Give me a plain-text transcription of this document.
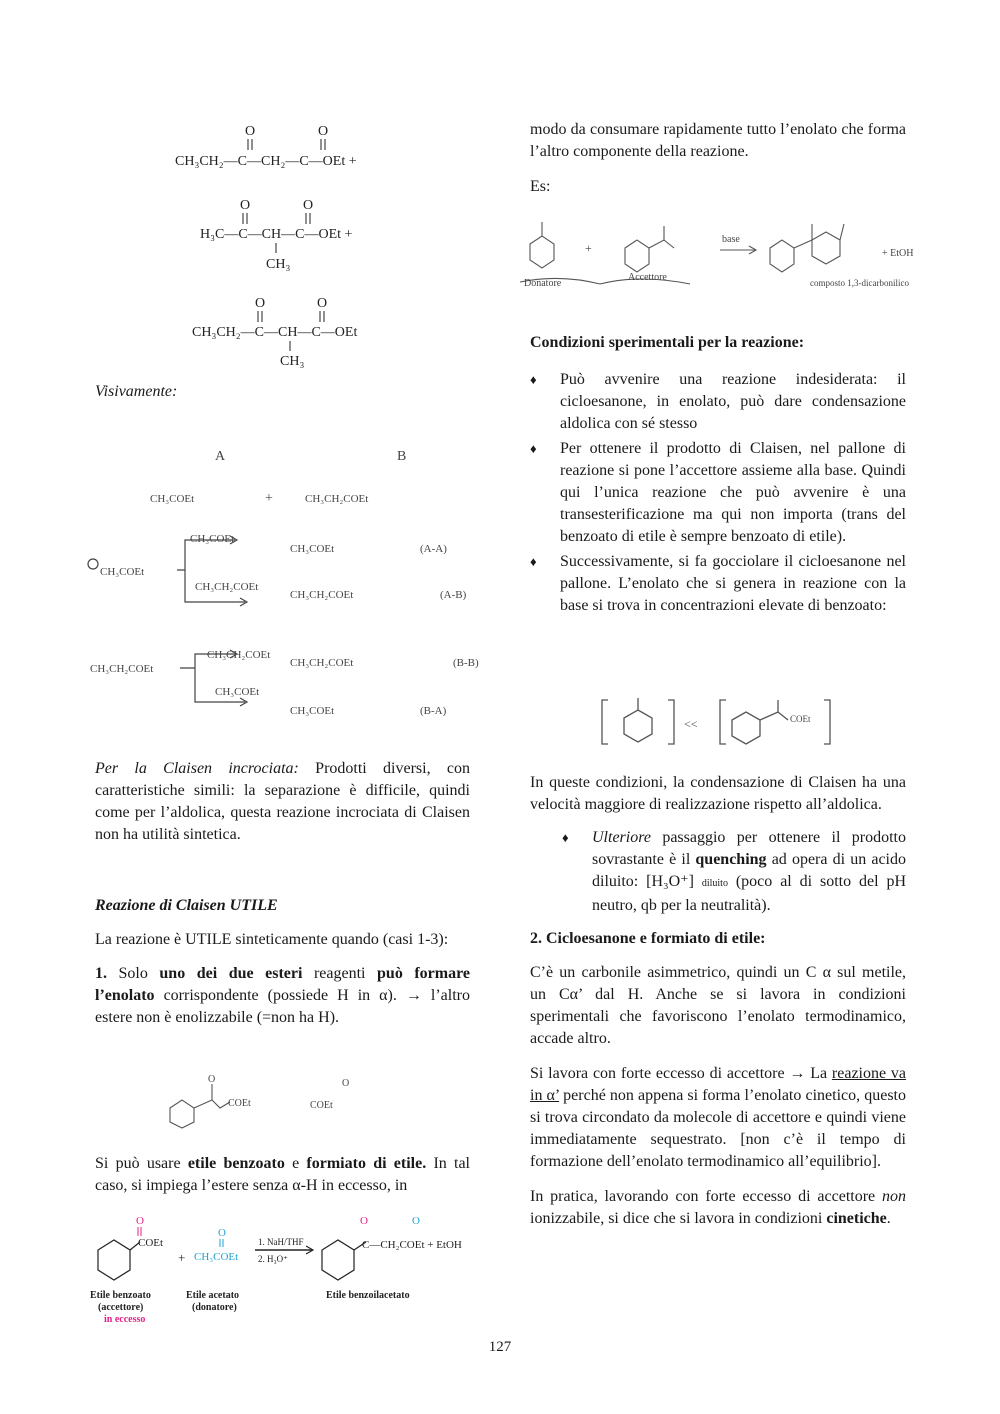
O	O
CH₃CH₂—C—CH₂—C—OEt +
O	O
H₃C—C—CH—C—OEt +
CH₃
O	O
CH₃CH₂—C—CH—C—OEt
CH₃

Visivamente:

A	B
CH₃COEt	+	CH₃CH₂COEt
CH₃COEt
CH₃COEt
CH₃CH₂COEt
CH₃COEt	(A-A)
CH₃CH₂COEt	(A-B)
CH₃CH₂COEt
CH₃CH₂COEt
CH₃COEt
CH₃CH₂COEt	(B-B)
CH₃COEt	(B-A)

Per la Claisen incrociata: Prodotti diversi, con caratteristiche simili: la separazione è difficile, quindi come per l’aldolica, questa reazione incrociata di Claisen non ha utilità sintetica.

Reazione di Claisen UTILE

La reazione è UTILE sinteticamente quando (casi 1-3):

1. Solo uno dei due esteri reagenti può formare l’enolato corrispondente (possiede H in α). → l’altro estere non è enolizzabile (=non ha H).

O
COEt
O
COEt

Si può usare etile benzoato e formiato di etile. In tal caso, si impiega l’estere senza α-H in eccesso, in

O
COEt
+
O
CH₃COEt
1. NaH/THF
2. H₃O⁺
O	O
C—CH₂COEt + EtOH
Etile benzoato
(accettore)
in eccesso
Etile acetato
(donatore)
Etile benzoilacetato

modo da consumare rapidamente tutto l’enolato che forma l’altro componente della reazione.

Es:

base
+ EtOH
Donatore
Accettore	composto 1,3-dicarbonilico
+

Condizioni sperimentali per la reazione:

♦ Può avvenire una reazione indesiderata: il cicloesanone, in enolato, può dare condensazione aldolica con sé stesso
♦ Per ottenere il prodotto di Claisen, nel pallone di reazione si pone l’accettore assieme alla base. Quindi qui l’unica reazione che può avvenire è una transesterificazione ma qui non importa (trans del benzoato di etile è sempre benzoato di etile).
♦ Successivamente, si fa gocciolare il cicloesanone nel pallone. L’enolato che si genera in reazione con la base si trova in concentrazioni elevate di benzoato:
<<	COEt

In queste condizioni, la condensazione di Claisen ha una velocità maggiore di realizzazione rispetto all’aldolica.

♦ Ulteriore passaggio per ottenere il prodotto sovrastante è il quenching ad opera di un acido diluito: [H₃O⁺] diluito (poco al di sotto del pH neutro, qb per la neutralità).

2. Cicloesanone e formiato di etile:

C’è un carbonile asimmetrico, quindi un C α sul metile, un Cα’ dal H. Anche se si lavora in condizioni sperimentali che favoriscono l’enolato termodinamico, accade altro.

Si lavora con forte eccesso di accettore → La reazione va in α’ perché non appena si forma l’enolato cinetico, questo si trova circondato da molecole di accettore e quindi viene immediatamente sequestrato. [non c’è il tempo di formazione dell’enolato termodinamico all’equilibrio].

In pratica, lavorando con forte eccesso di accettore non ionizzabile, si dice che si lavora in condizioni cinetiche.

127
